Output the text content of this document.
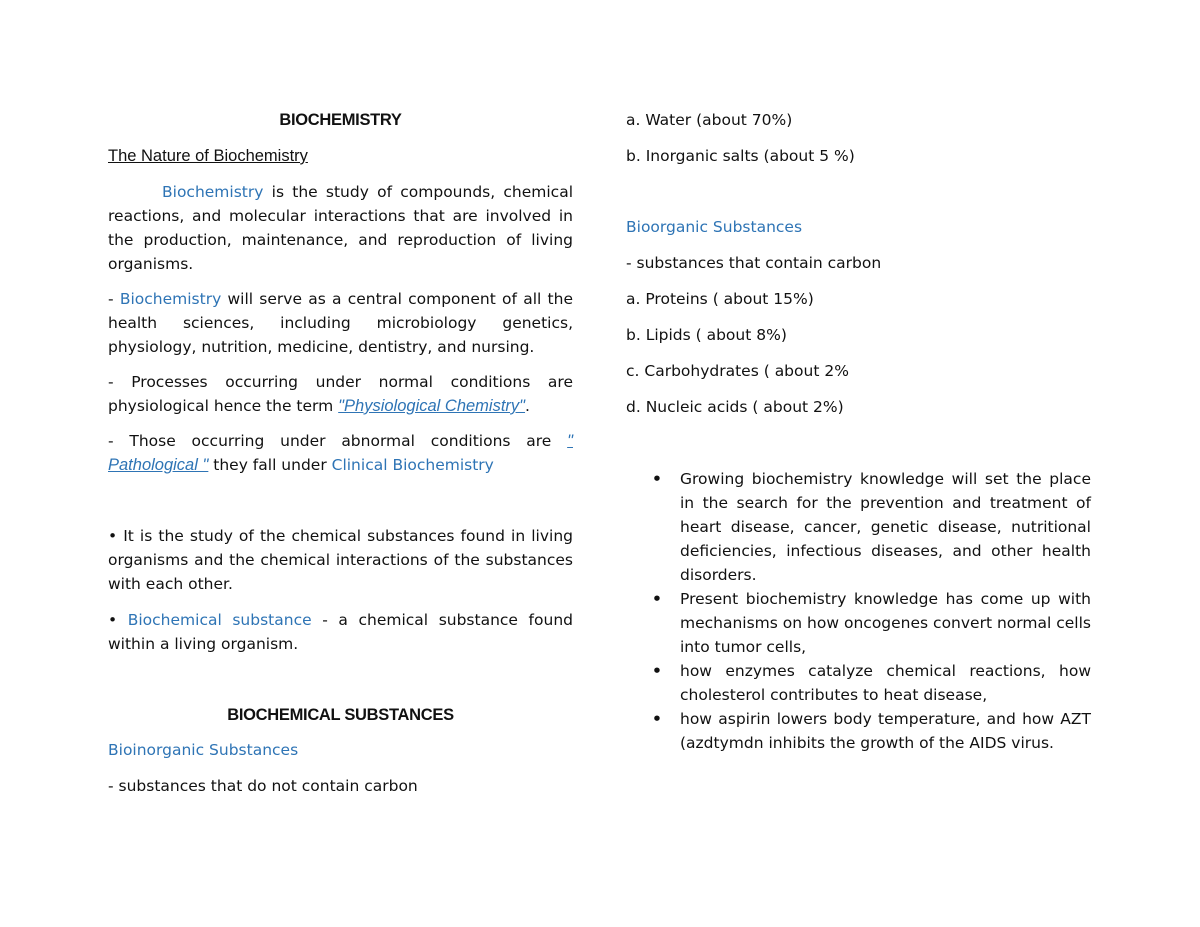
BIOCHEMISTRY

The Nature of Biochemistry

Biochemistry is the study of compounds, chemical reactions, and molecular interactions that are involved in the production, maintenance, and reproduction of living organisms.

- Biochemistry will serve as a central component of all the health sciences, including microbiology genetics, physiology, nutrition, medicine, dentistry, and nursing.

- Processes occurring under normal conditions are physiological hence the term "Physiological Chemistry".

- Those occurring under abnormal conditions are " Pathological " they fall under Clinical Biochemistry

• It is the study of the chemical substances found in living organisms and the chemical interactions of the substances with each other.

• Biochemical substance - a chemical substance found within a living organism.

BIOCHEMICAL SUBSTANCES

Bioinorganic Substances

- substances that do not contain carbon

a. Water (about 70%)

b. Inorganic salts (about 5 %)

Bioorganic Substances

- substances that contain carbon

a. Proteins ( about 15%)

b. Lipids ( about 8%)

c. Carbohydrates ( about 2%

d. Nucleic acids ( about 2%)

• Growing biochemistry knowledge will set the place in the search for the prevention and treatment of heart disease, cancer, genetic disease, nutritional deficiencies, infectious diseases, and other health disorders.
• Present biochemistry knowledge has come up with mechanisms on how oncogenes convert normal cells into tumor cells,
• how enzymes catalyze chemical reactions, how cholesterol contributes to heat disease,
• how aspirin lowers body temperature, and how AZT (azdtymdn inhibits the growth of the AIDS virus.
